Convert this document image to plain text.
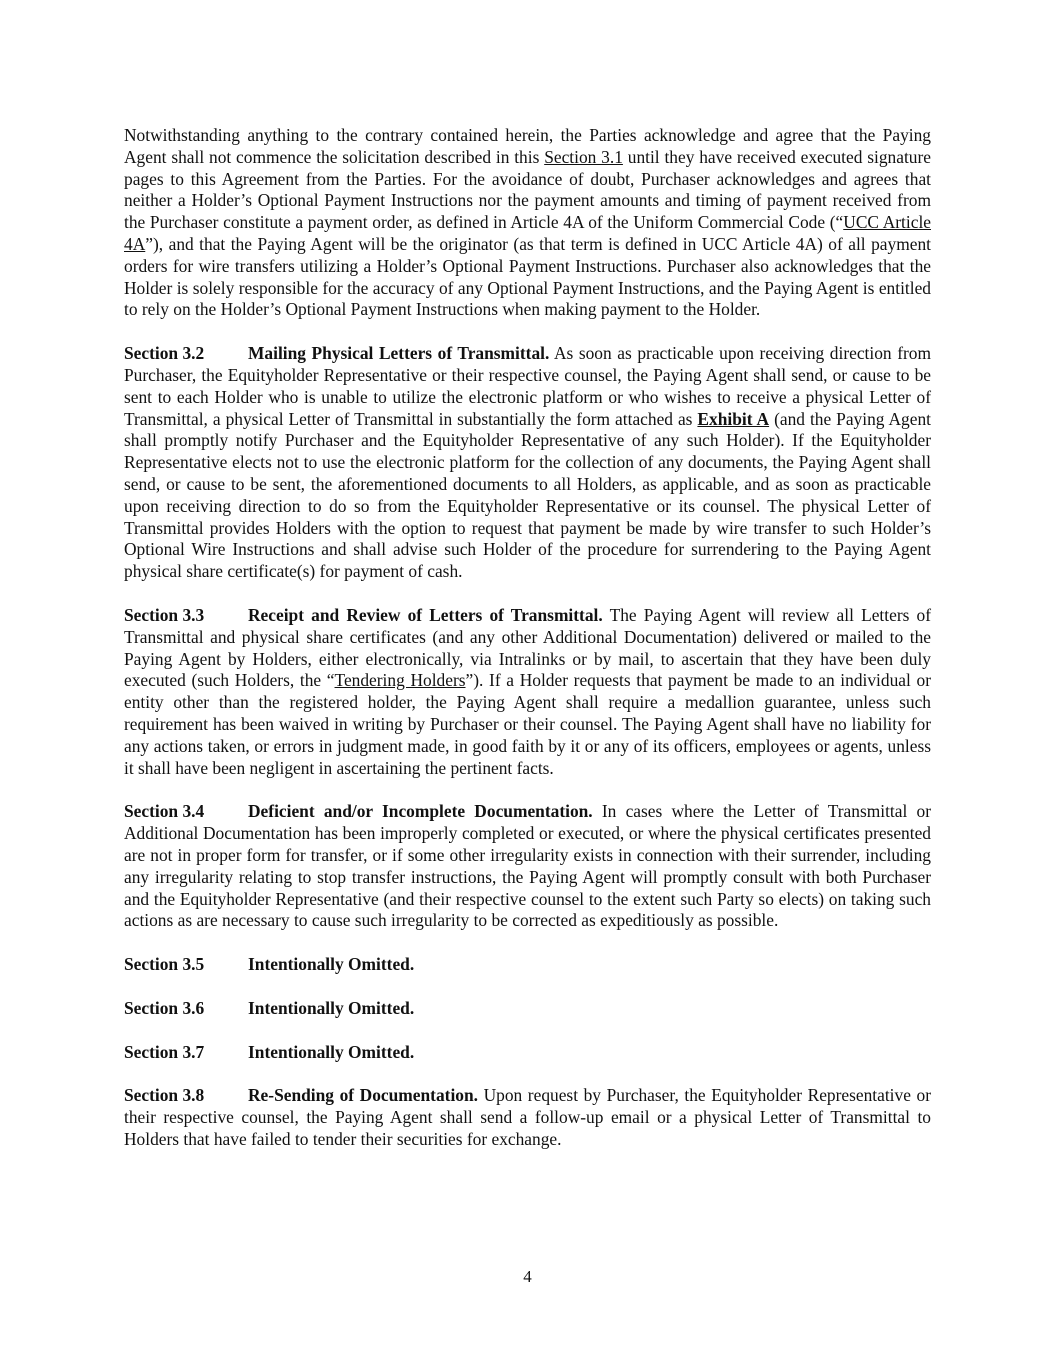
Notwithstanding anything to the contrary contained herein, the Parties acknowledge and agree that the Paying Agent shall not commence the solicitation described in this Section 3.1 until they have received executed signature pages to this Agreement from the Parties. For the avoidance of doubt, Purchaser acknowledges and agrees that neither a Holder’s Optional Payment Instructions nor the payment amounts and timing of payment received from the Purchaser constitute a payment order, as defined in Article 4A of the Uniform Commercial Code (“UCC Article 4A”), and that the Paying Agent will be the originator (as that term is defined in UCC Article 4A) of all payment orders for wire transfers utilizing a Holder’s Optional Payment Instructions. Purchaser also acknowledges that the Holder is solely responsible for the accuracy of any Optional Payment Instructions, and the Paying Agent is entitled to rely on the Holder’s Optional Payment Instructions when making payment to the Holder.

Section 3.2	Mailing Physical Letters of Transmittal. As soon as practicable upon receiving direction from Purchaser, the Equityholder Representative or their respective counsel, the Paying Agent shall send, or cause to be sent to each Holder who is unable to utilize the electronic platform or who wishes to receive a physical Letter of Transmittal, a physical Letter of Transmittal in substantially the form attached as Exhibit A (and the Paying Agent shall promptly notify Purchaser and the Equityholder Representative of any such Holder). If the Equityholder Representative elects not to use the electronic platform for the collection of any documents, the Paying Agent shall send, or cause to be sent, the aforementioned documents to all Holders, as applicable, and as soon as practicable upon receiving direction to do so from the Equityholder Representative or its counsel. The physical Letter of Transmittal provides Holders with the option to request that payment be made by wire transfer to such Holder’s Optional Wire Instructions and shall advise such Holder of the procedure for surrendering to the Paying Agent physical share certificate(s) for payment of cash.

Section 3.3	Receipt and Review of Letters of Transmittal. The Paying Agent will review all Letters of Transmittal and physical share certificates (and any other Additional Documentation) delivered or mailed to the Paying Agent by Holders, either electronically, via Intralinks or by mail, to ascertain that they have been duly executed (such Holders, the “Tendering Holders”). If a Holder requests that payment be made to an individual or entity other than the registered holder, the Paying Agent shall require a medallion guarantee, unless such requirement has been waived in writing by Purchaser or their counsel. The Paying Agent shall have no liability for any actions taken, or errors in judgment made, in good faith by it or any of its officers, employees or agents, unless it shall have been negligent in ascertaining the pertinent facts.

Section 3.4	Deficient and/or Incomplete Documentation. In cases where the Letter of Transmittal or Additional Documentation has been improperly completed or executed, or where the physical certificates presented are not in proper form for transfer, or if some other irregularity exists in connection with their surrender, including any irregularity relating to stop transfer instructions, the Paying Agent will promptly consult with both Purchaser and the Equityholder Representative (and their respective counsel to the extent such Party so elects) on taking such actions as are necessary to cause such irregularity to be corrected as expeditiously as possible.

Section 3.5	Intentionally Omitted.

Section 3.6	Intentionally Omitted.

Section 3.7	Intentionally Omitted.

Section 3.8	Re-Sending of Documentation. Upon request by Purchaser, the Equityholder Representative or their respective counsel, the Paying Agent shall send a follow-up email or a physical Letter of Transmittal to Holders that have failed to tender their securities for exchange.

4
